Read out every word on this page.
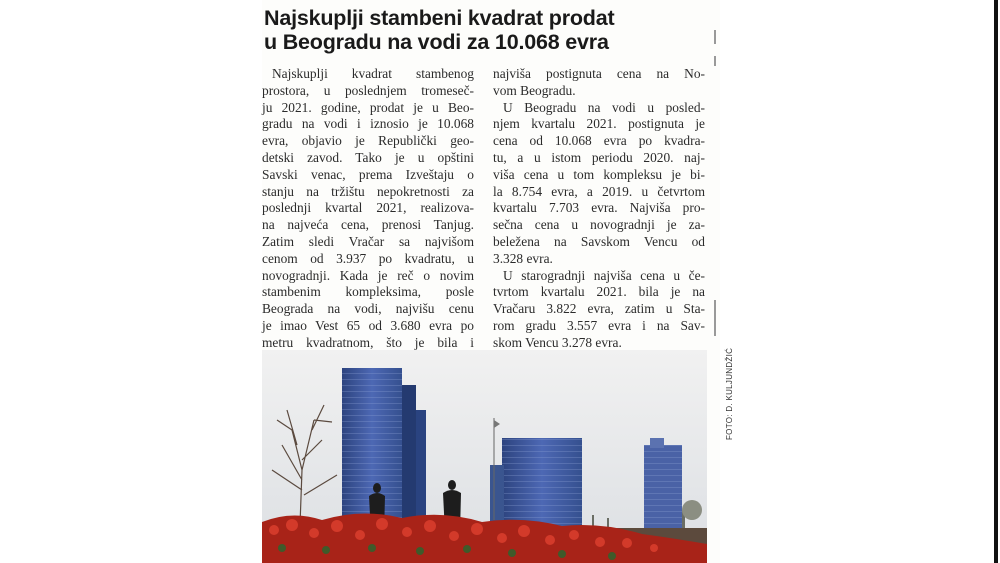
Najskuplji stambeni kvadrat prodat
u Beogradu na vodi za 10.068 evra
Najskuplji kvadrat stambenog
prostora, u poslednjem tromeseč-
ju 2021. godine, prodat je u Beo-
gradu na vodi i iznosio je 10.068
evra, objavio je Republički geo-
detski zavod. Tako je u opštini
Savski venac, prema Izveštaju o
stanju na tržištu nepokretnosti za
poslednji kvartal 2021, realizova-
na najveća cena, prenosi Tanjug.
Zatim sledi Vračar sa najvišom
cenom od 3.937 po kvadratu, u
novogradnji. Kada je reč o novim
stambenim kompleksima, posle
Beograda na vodi, najvišu cenu
je imao Vest 65 od 3.680 evra po
metru kvadratnom, što je bila i
najviša postignuta cena na No-
vom Beogradu.
U Beogradu na vodi u posled-
njem kvartalu 2021. postignuta je
cena od 10.068 evra po kvadra-
tu, a u istom periodu 2020. naj-
viša cena u tom kompleksu je bi-
la 8.754 evra, a 2019. u četvrtom
kvartalu 7.703 evra. Najviša pro-
sečna cena u novogradnji je za-
beležena na Savskom Vencu od
3.328 evra.
U starogradnji najviša cena u če-
tvrtom kvartalu 2021. bila je na
Vračaru 3.822 evra, zatim u Sta-
rom gradu 3.557 evra i na Sav-
skom Vencu 3.278 evra.
FOTO: D. KULJUNDŽIĆ
